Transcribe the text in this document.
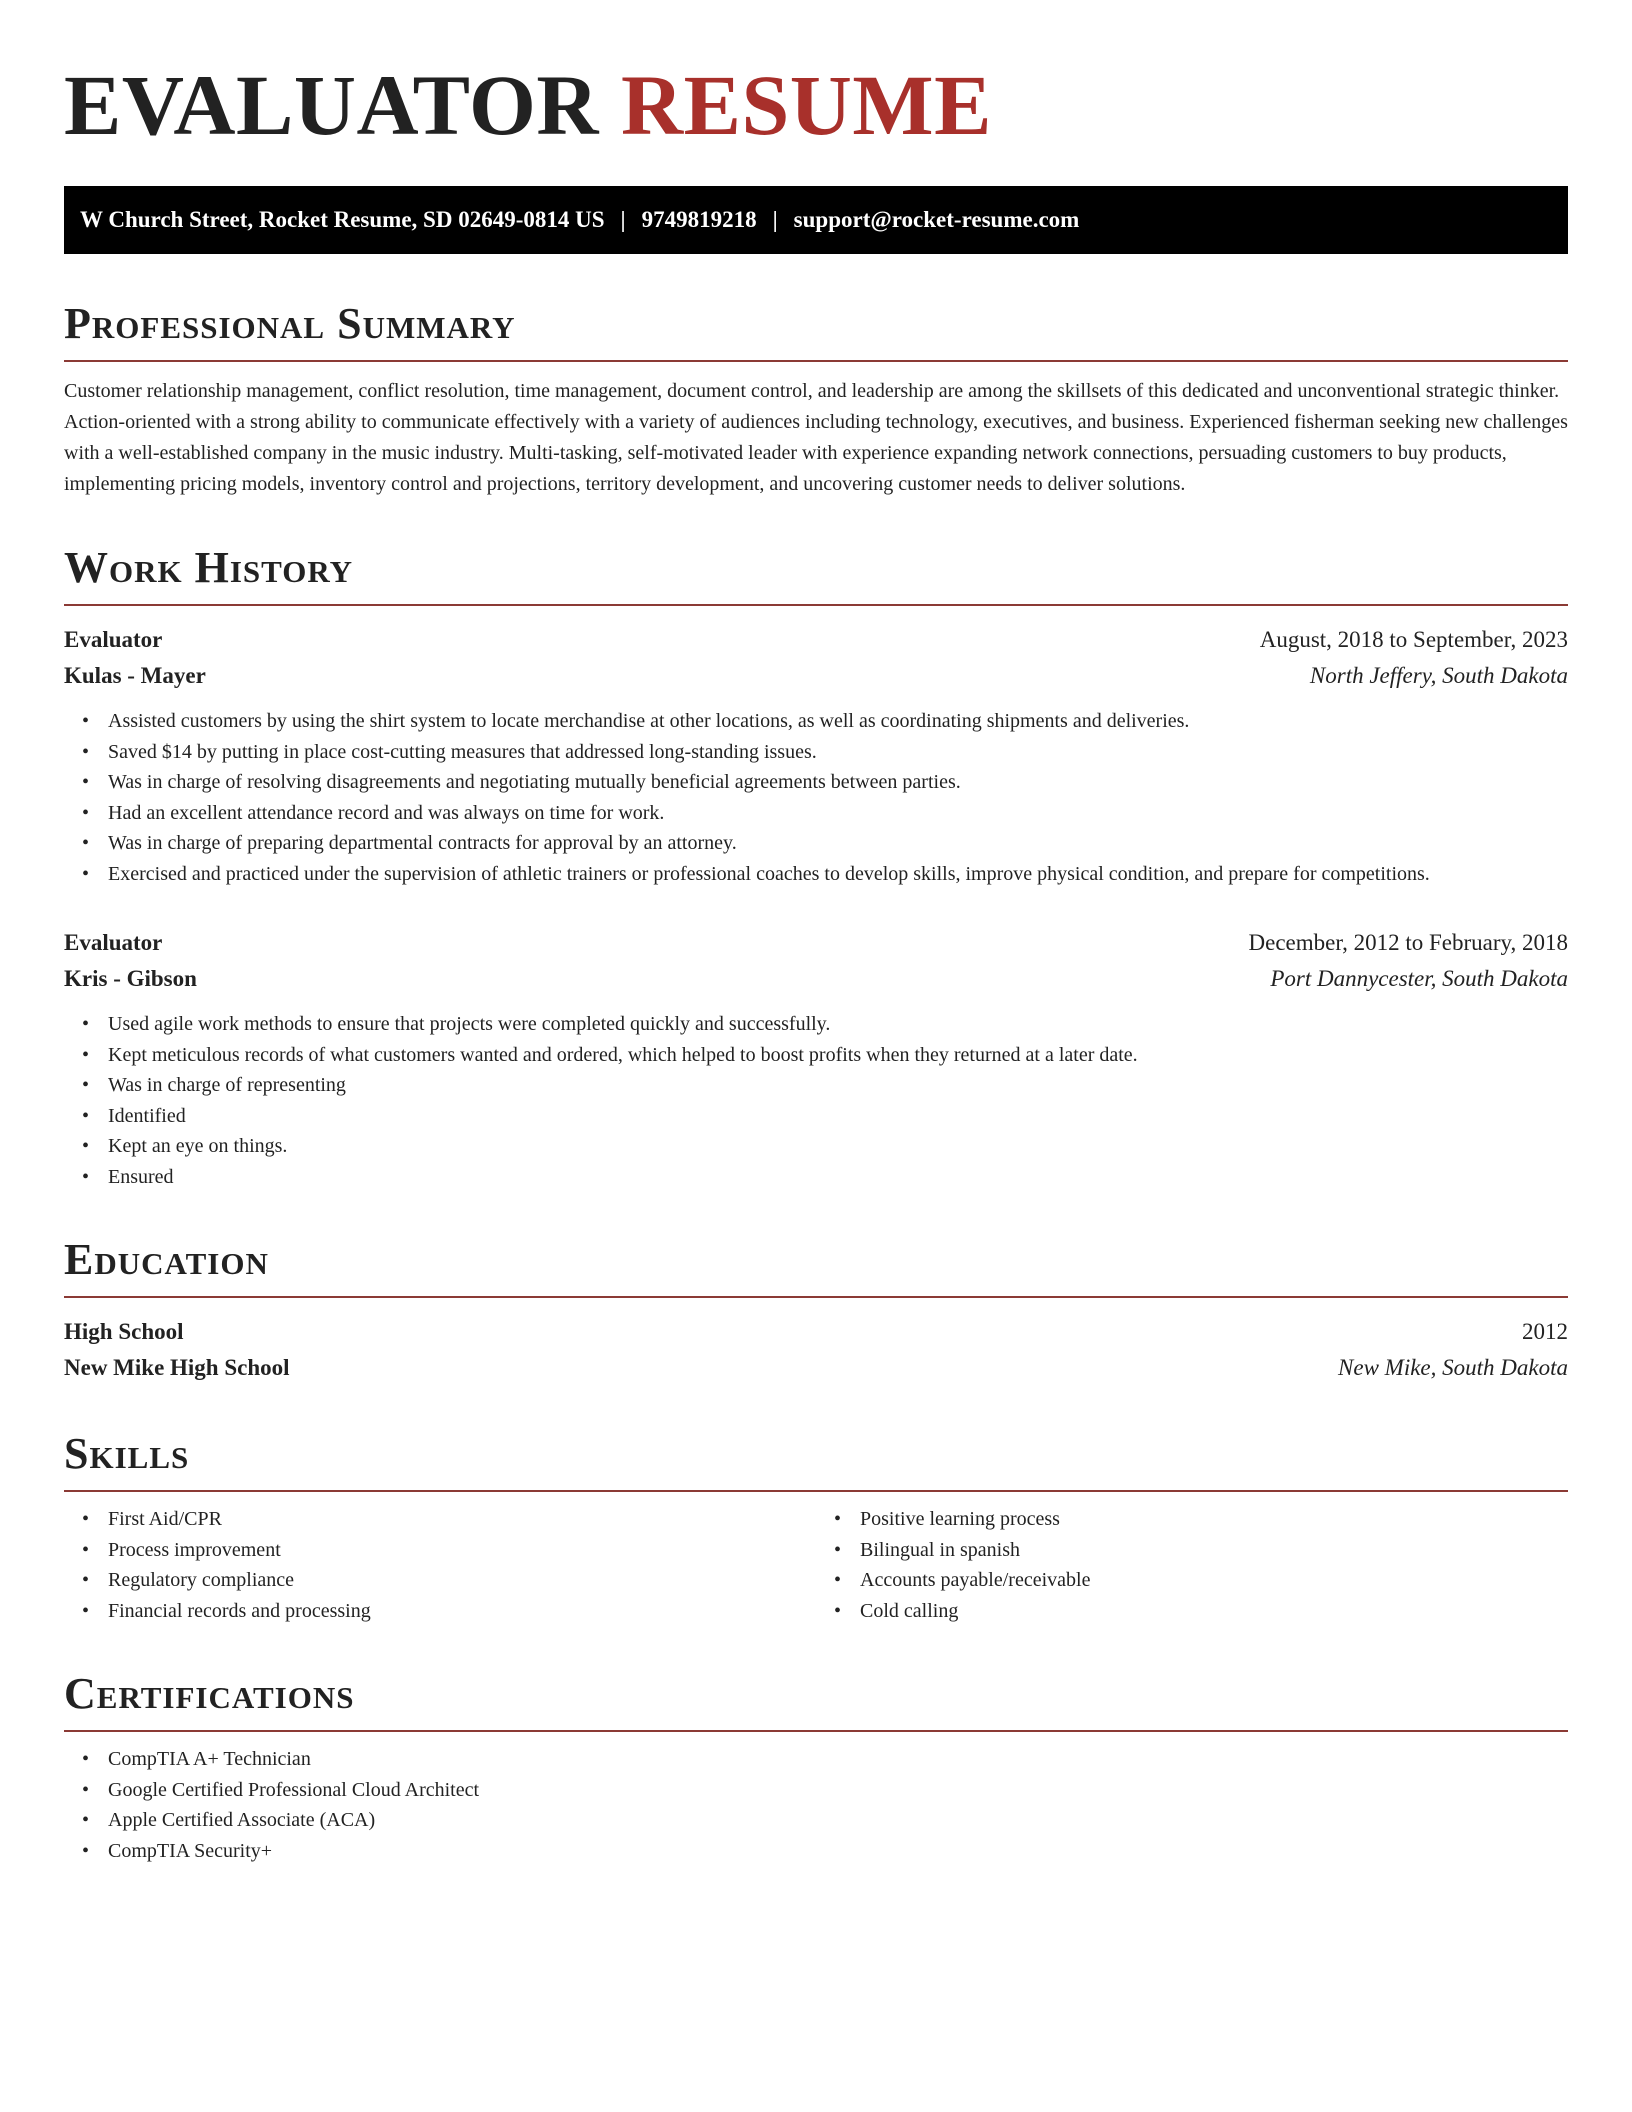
EVALUATOR RESUME
W Church Street, Rocket Resume, SD 02649-0814 US | 9749819218 | support@rocket-resume.com
Professional Summary

Customer relationship management, conflict resolution, time management, document control, and leadership are among the skillsets of this dedicated and unconventional strategic thinker. Action-oriented with a strong ability to communicate effectively with a variety of audiences including technology, executives, and business. Experienced fisherman seeking new challenges with a well-established company in the music industry. Multi-tasking, self-motivated leader with experience expanding network connections, persuading customers to buy products, implementing pricing models, inventory control and projections, territory development, and uncovering customer needs to deliver solutions.

Work History
Evaluator	August, 2018 to September, 2023
Kulas - Mayer	North Jeffery, South Dakota
• Assisted customers by using the shirt system to locate merchandise at other locations, as well as coordinating shipments and deliveries.
• Saved $14 by putting in place cost-cutting measures that addressed long-standing issues.
• Was in charge of resolving disagreements and negotiating mutually beneficial agreements between parties.
• Had an excellent attendance record and was always on time for work.
• Was in charge of preparing departmental contracts for approval by an attorney.
• Exercised and practiced under the supervision of athletic trainers or professional coaches to develop skills, improve physical condition, and prepare for competitions.
Evaluator	December, 2012 to February, 2018
Kris - Gibson	Port Dannycester, South Dakota
• Used agile work methods to ensure that projects were completed quickly and successfully.
• Kept meticulous records of what customers wanted and ordered, which helped to boost profits when they returned at a later date.
• Was in charge of representing
• Identified
• Kept an eye on things.
• Ensured
Education
High School	2012
New Mike High School	New Mike, South Dakota
Skills
• First Aid/CPR
• Process improvement
• Regulatory compliance
• Financial records and processing
• Positive learning process
• Bilingual in spanish
• Accounts payable/receivable
• Cold calling
Certifications
• CompTIA A+ Technician
• Google Certified Professional Cloud Architect
• Apple Certified Associate (ACA)
• CompTIA Security+
